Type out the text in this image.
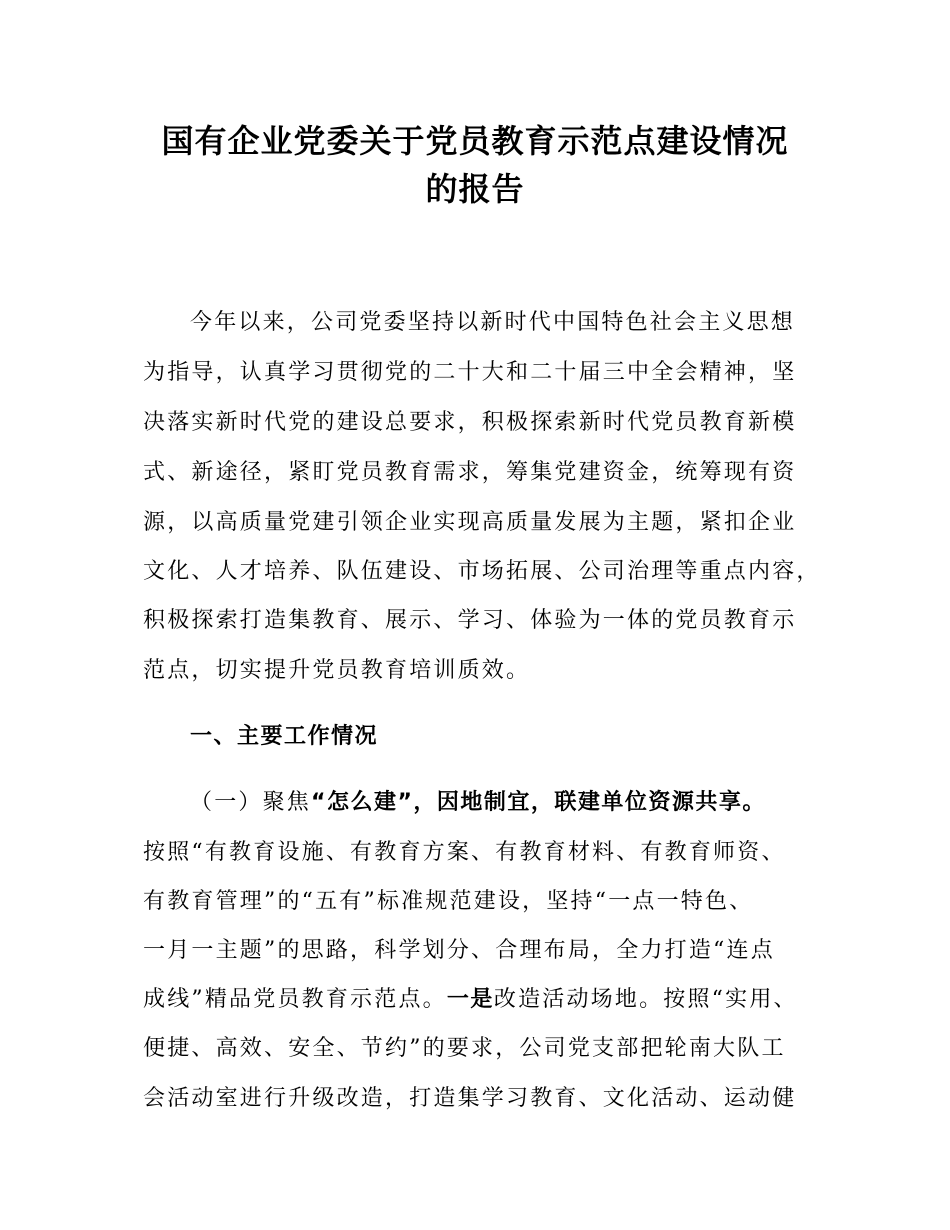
国有企业党委关于党员教育示范点建设情况
的报告

今年以来，公司党委坚持以新时代中国特色社会主义思想

为指导，认真学习贯彻党的二十大和二十届三中全会精神，坚

决落实新时代党的建设总要求，积极探索新时代党员教育新模

式、新途径，紧盯党员教育需求，筹集党建资金，统筹现有资

源，以高质量党建引领企业实现高质量发展为主题，紧扣企业

文化、人才培养、队伍建设、市场拓展、公司治理等重点内容，

积极探索打造集教育、展示、学习、体验为一体的党员教育示

范点，切实提升党员教育培训质效。

一、主要工作情况

（一）聚焦“怎么建”，因地制宜，联建单位资源共享。

按照“有教育设施、有教育方案、有教育材料、有教育师资、

有教育管理”的“五有”标准规范建设，坚持“一点一特色、

一月一主题”的思路，科学划分、合理布局，全力打造“连点

成线”精品党员教育示范点。一是改造活动场地。按照“实用、

便捷、高效、安全、节约”的要求，公司党支部把轮南大队工

会活动室进行升级改造，打造集学习教育、文化活动、运动健
